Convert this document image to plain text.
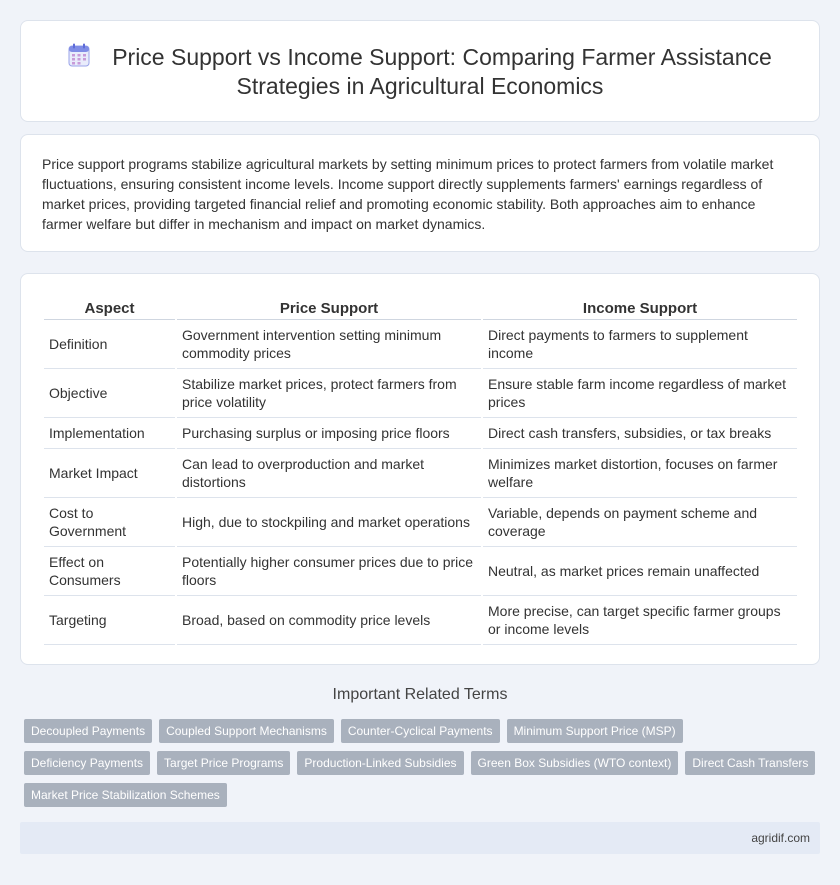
Price Support vs Income Support: Comparing Farmer Assistance Strategies in Agricultural Economics

Price support programs stabilize agricultural markets by setting minimum prices to protect farmers from volatile market fluctuations, ensuring consistent income levels. Income support directly supplements farmers' earnings regardless of market prices, providing targeted financial relief and promoting economic stability. Both approaches aim to enhance farmer welfare but differ in mechanism and impact on market dynamics.

Aspect	Price Support	Income Support
Definition	Government intervention setting minimum commodity prices	Direct payments to farmers to supplement income
Objective	Stabilize market prices, protect farmers from price volatility	Ensure stable farm income regardless of market prices
Implementation	Purchasing surplus or imposing price floors	Direct cash transfers, subsidies, or tax breaks
Market Impact	Can lead to overproduction and market distortions	Minimizes market distortion, focuses on farmer welfare
Cost to Government	High, due to stockpiling and market operations	Variable, depends on payment scheme and coverage
Effect on Consumers	Potentially higher consumer prices due to price floors	Neutral, as market prices remain unaffected
Targeting	Broad, based on commodity price levels	More precise, can target specific farmer groups or income levels
Important Related Terms
Decoupled Payments	Coupled Support Mechanisms	Counter-Cyclical Payments	Minimum Support Price (MSP)
Deficiency Payments	Target Price Programs	Production-Linked Subsidies	Green Box Subsidies (WTO context)	Direct Cash Transfers
Market Price Stabilization Schemes
agridif.com
